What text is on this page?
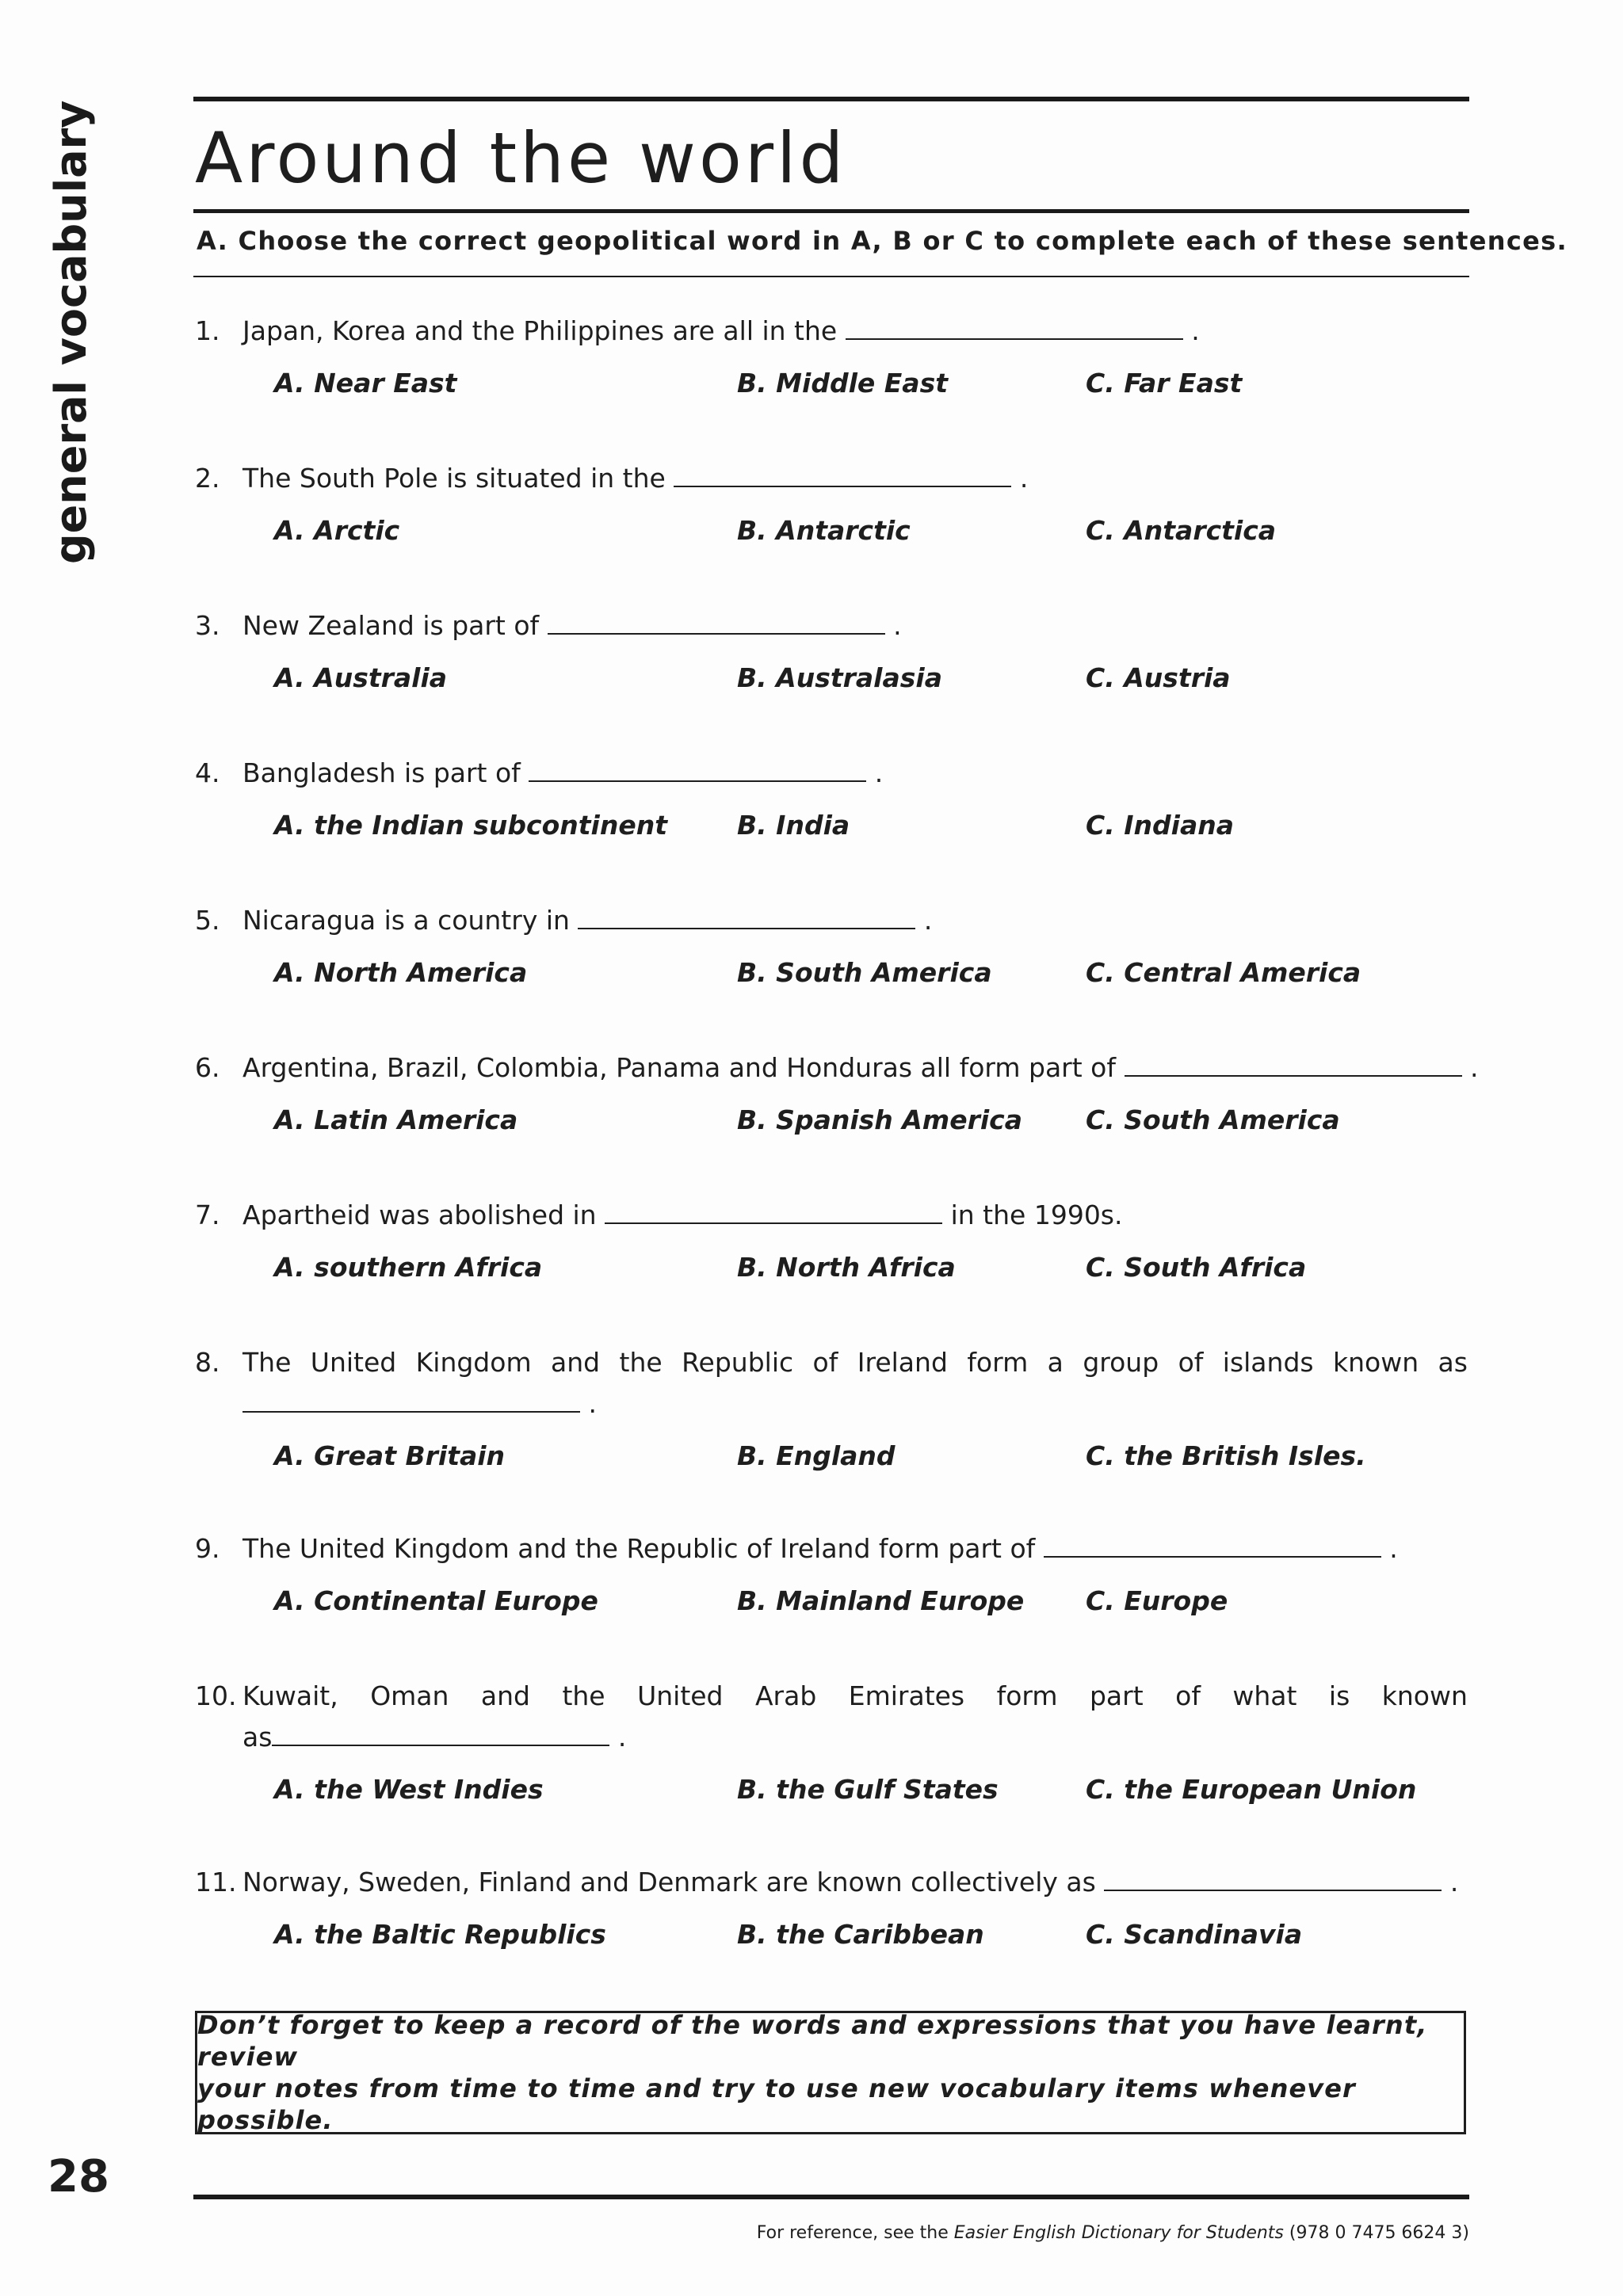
general vocabulary Around the world
A. Choose the correct geopolitical word in A, B or C to complete each of these sentences.
1. Japan, Korea and the Philippines are all in the	.
A. Near East	B. Middle East	C. Far East
2. The South Pole is situated in the	.
A. Arctic	B. Antarctic	C. Antarctica
3. New Zealand is part of	.
A. Australia	B. Australasia	C. Austria
4. Bangladesh is part of	.
A. the Indian subcontinent	B. India	C. Indiana
5. Nicaragua is a country in	.
A. North America	B. South America	C. Central America
6. Argentina, Brazil, Colombia, Panama and Honduras all form part of	.
A. Latin America	B. Spanish America C. South America
7. Apartheid was abolished in	in the 1990s.
A. southern Africa	B. North Africa	C. South Africa
8. The United Kingdom and the Republic of Ireland form a group of islands known as
.
A. Great Britain	B. England	C. the British Isles.
9. The United Kingdom and the Republic of Ireland form part of	.
A. Continental Europe	B. Mainland Europe C. Europe
10. Kuwait, Oman and the United Arab Emirates form part of what is known
as	.
A. the West Indies	B. the Gulf States	C. the European Union
11. Norway, Sweden, Finland and Denmark are known collectively as	.
A. the Baltic Republics	B. the Caribbean	C. Scandinavia
Don’t forget to keep a record of the words and expressions that you have learnt, review
your notes from time to time and try to use new vocabulary items whenever possible.
28
For reference, see the Easier English Dictionary for Students (978 0 7475 6624 3)
